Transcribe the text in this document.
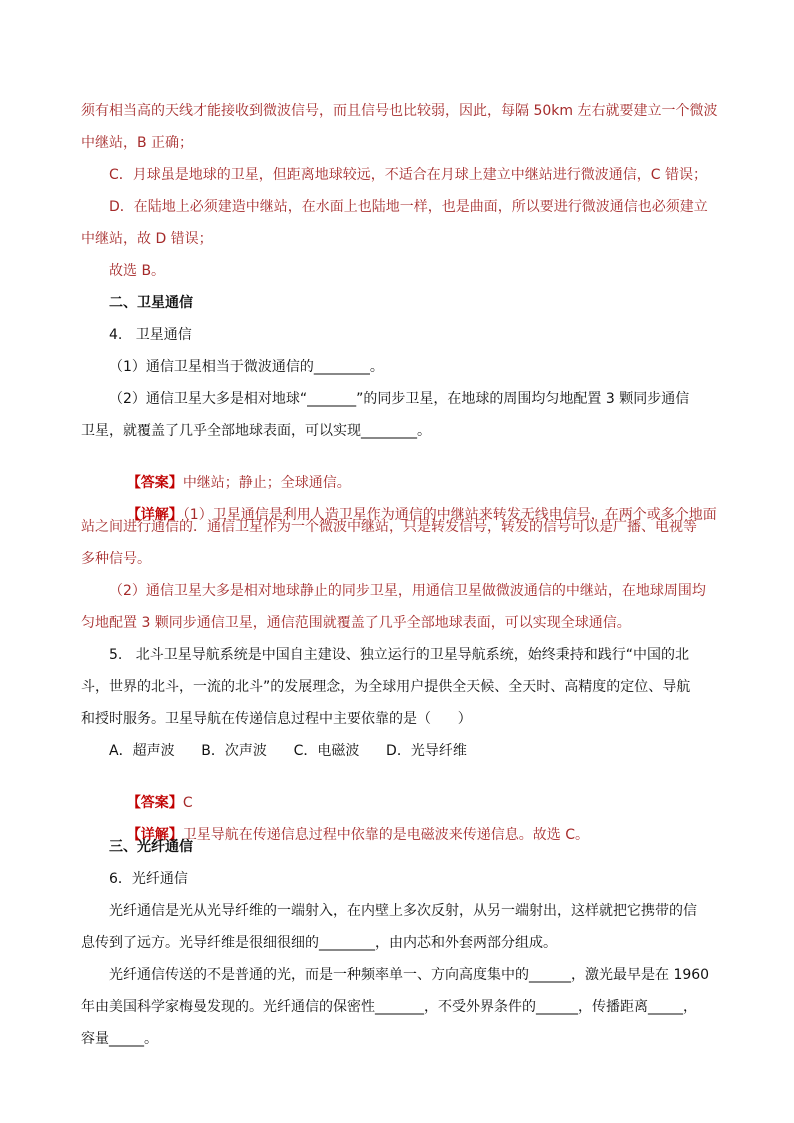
须有相当高的天线才能接收到微波信号，而且信号也比较弱，因此，每隔 50km 左右就要建立一个微波
中继站，B 正确；
C．月球虽是地球的卫星，但距离地球较远，不适合在月球上建立中继站进行微波通信，C 错误；
D．在陆地上必须建造中继站，在水面上也陆地一样，也是曲面，所以要进行微波通信也必须建立
中继站，故 D 错误；
故选 B。
二、卫星通信
4.   卫星通信
（1）通信卫星相当于微波通信的________。
（2）通信卫星大多是相对地球“_______”的同步卫星，在地球的周围均匀地配置 3 颗同步通信
卫星，就覆盖了几乎全部地球表面，可以实现________。

【答案】中继站；静止；全球通信。

【详解】（1）卫星通信是利用人造卫星作为通信的中继站来转发无线电信号，在两个或多个地面

站之间进行通信的．通信卫星作为一个微波中继站，只是转发信号，转发的信号可以是广播、电视等
多种信号。
（2）通信卫星大多是相对地球静止的同步卫星，用通信卫星做微波通信的中继站，在地球周围均
匀地配置 3 颗同步通信卫星，通信范围就覆盖了几乎全部地球表面，可以实现全球通信。
5.   北斗卫星导航系统是中国自主建设、独立运行的卫星导航系统，始终秉持和践行“中国的北
斗，世界的北斗，一流的北斗”的发展理念，为全球用户提供全天候、全天时、高精度的定位、导航
和授时服务。卫星导航在传递信息过程中主要依靠的是（      ）
A．超声波      B．次声波      C．电磁波      D．光导纤维

【答案】C

【详解】卫星导航在传递信息过程中依靠的是电磁波来传递信息。故选 C。

三、光纤通信
6．光纤通信
光纤通信是光从光导纤维的一端射入，在内壁上多次反射，从另一端射出，这样就把它携带的信
息传到了远方。光导纤维是很细很细的________，由内芯和外套两部分组成。
光纤通信传送的不是普通的光，而是一种频率单一、方向高度集中的______，激光最早是在 1960
年由美国科学家梅曼发现的。光纤通信的保密性_______，不受外界条件的______，传播距离_____，
容量_____。
